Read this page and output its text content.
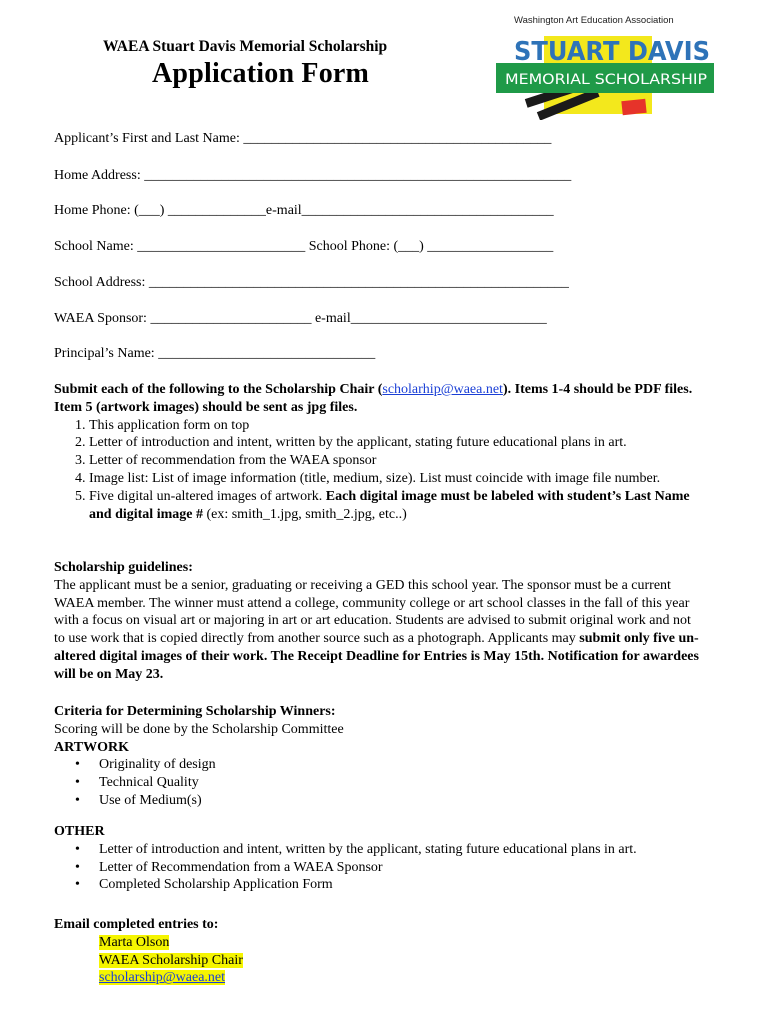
WAEA Stuart Davis Memorial Scholarship
Application Form
Washington Art Education Association
STUART DAVIS
MEMORIAL SCHOLARSHIP
Applicant’s First and Last Name: ____________________________________________
Home Address: _____________________________________________________________
Home Phone: (___) ______________e-mail____________________________________
School Name: ________________________ School Phone: (___) __________________
School Address: ____________________________________________________________
WAEA Sponsor: _______________________ e-mail____________________________
Principal’s Name: _______________________________
Submit each of the following to the Scholarship Chair (scholarhip@waea.net). Items 1-4 should be PDF files. Item 5 (artwork images) should be sent as jpg files.
1. This application form on top
2. Letter of introduction and intent, written by the applicant, stating future educational plans in art.
3. Letter of recommendation from the WAEA sponsor
4. Image list: List of image information (title, medium, size). List must coincide with image file number.
5. Five digital un-altered images of artwork. Each digital image must be labeled with student’s Last Name and digital image # (ex: smith_1.jpg, smith_2.jpg, etc..)
Scholarship guidelines:
The applicant must be a senior, graduating or receiving a GED this school year. The sponsor must be a current WAEA member. The winner must attend a college, community college or art school classes in the fall of this year with a focus on visual art or majoring in art or art education. Students are advised to submit original work and not to use work that is copied directly from another source such as a photograph. Applicants may submit only five un-altered digital images of their work. The Receipt Deadline for Entries is May 15th. Notification for awardees will be on May 23.
Criteria for Determining Scholarship Winners:
Scoring will be done by the Scholarship Committee
ARTWORK
• Originality of design
• Technical Quality
• Use of Medium(s)
OTHER
• Letter of introduction and intent, written by the applicant, stating future educational plans in art.
• Letter of Recommendation from a WAEA Sponsor
• Completed Scholarship Application Form
Email completed entries to:
Marta Olson
WAEA Scholarship Chair
scholarship@waea.net
